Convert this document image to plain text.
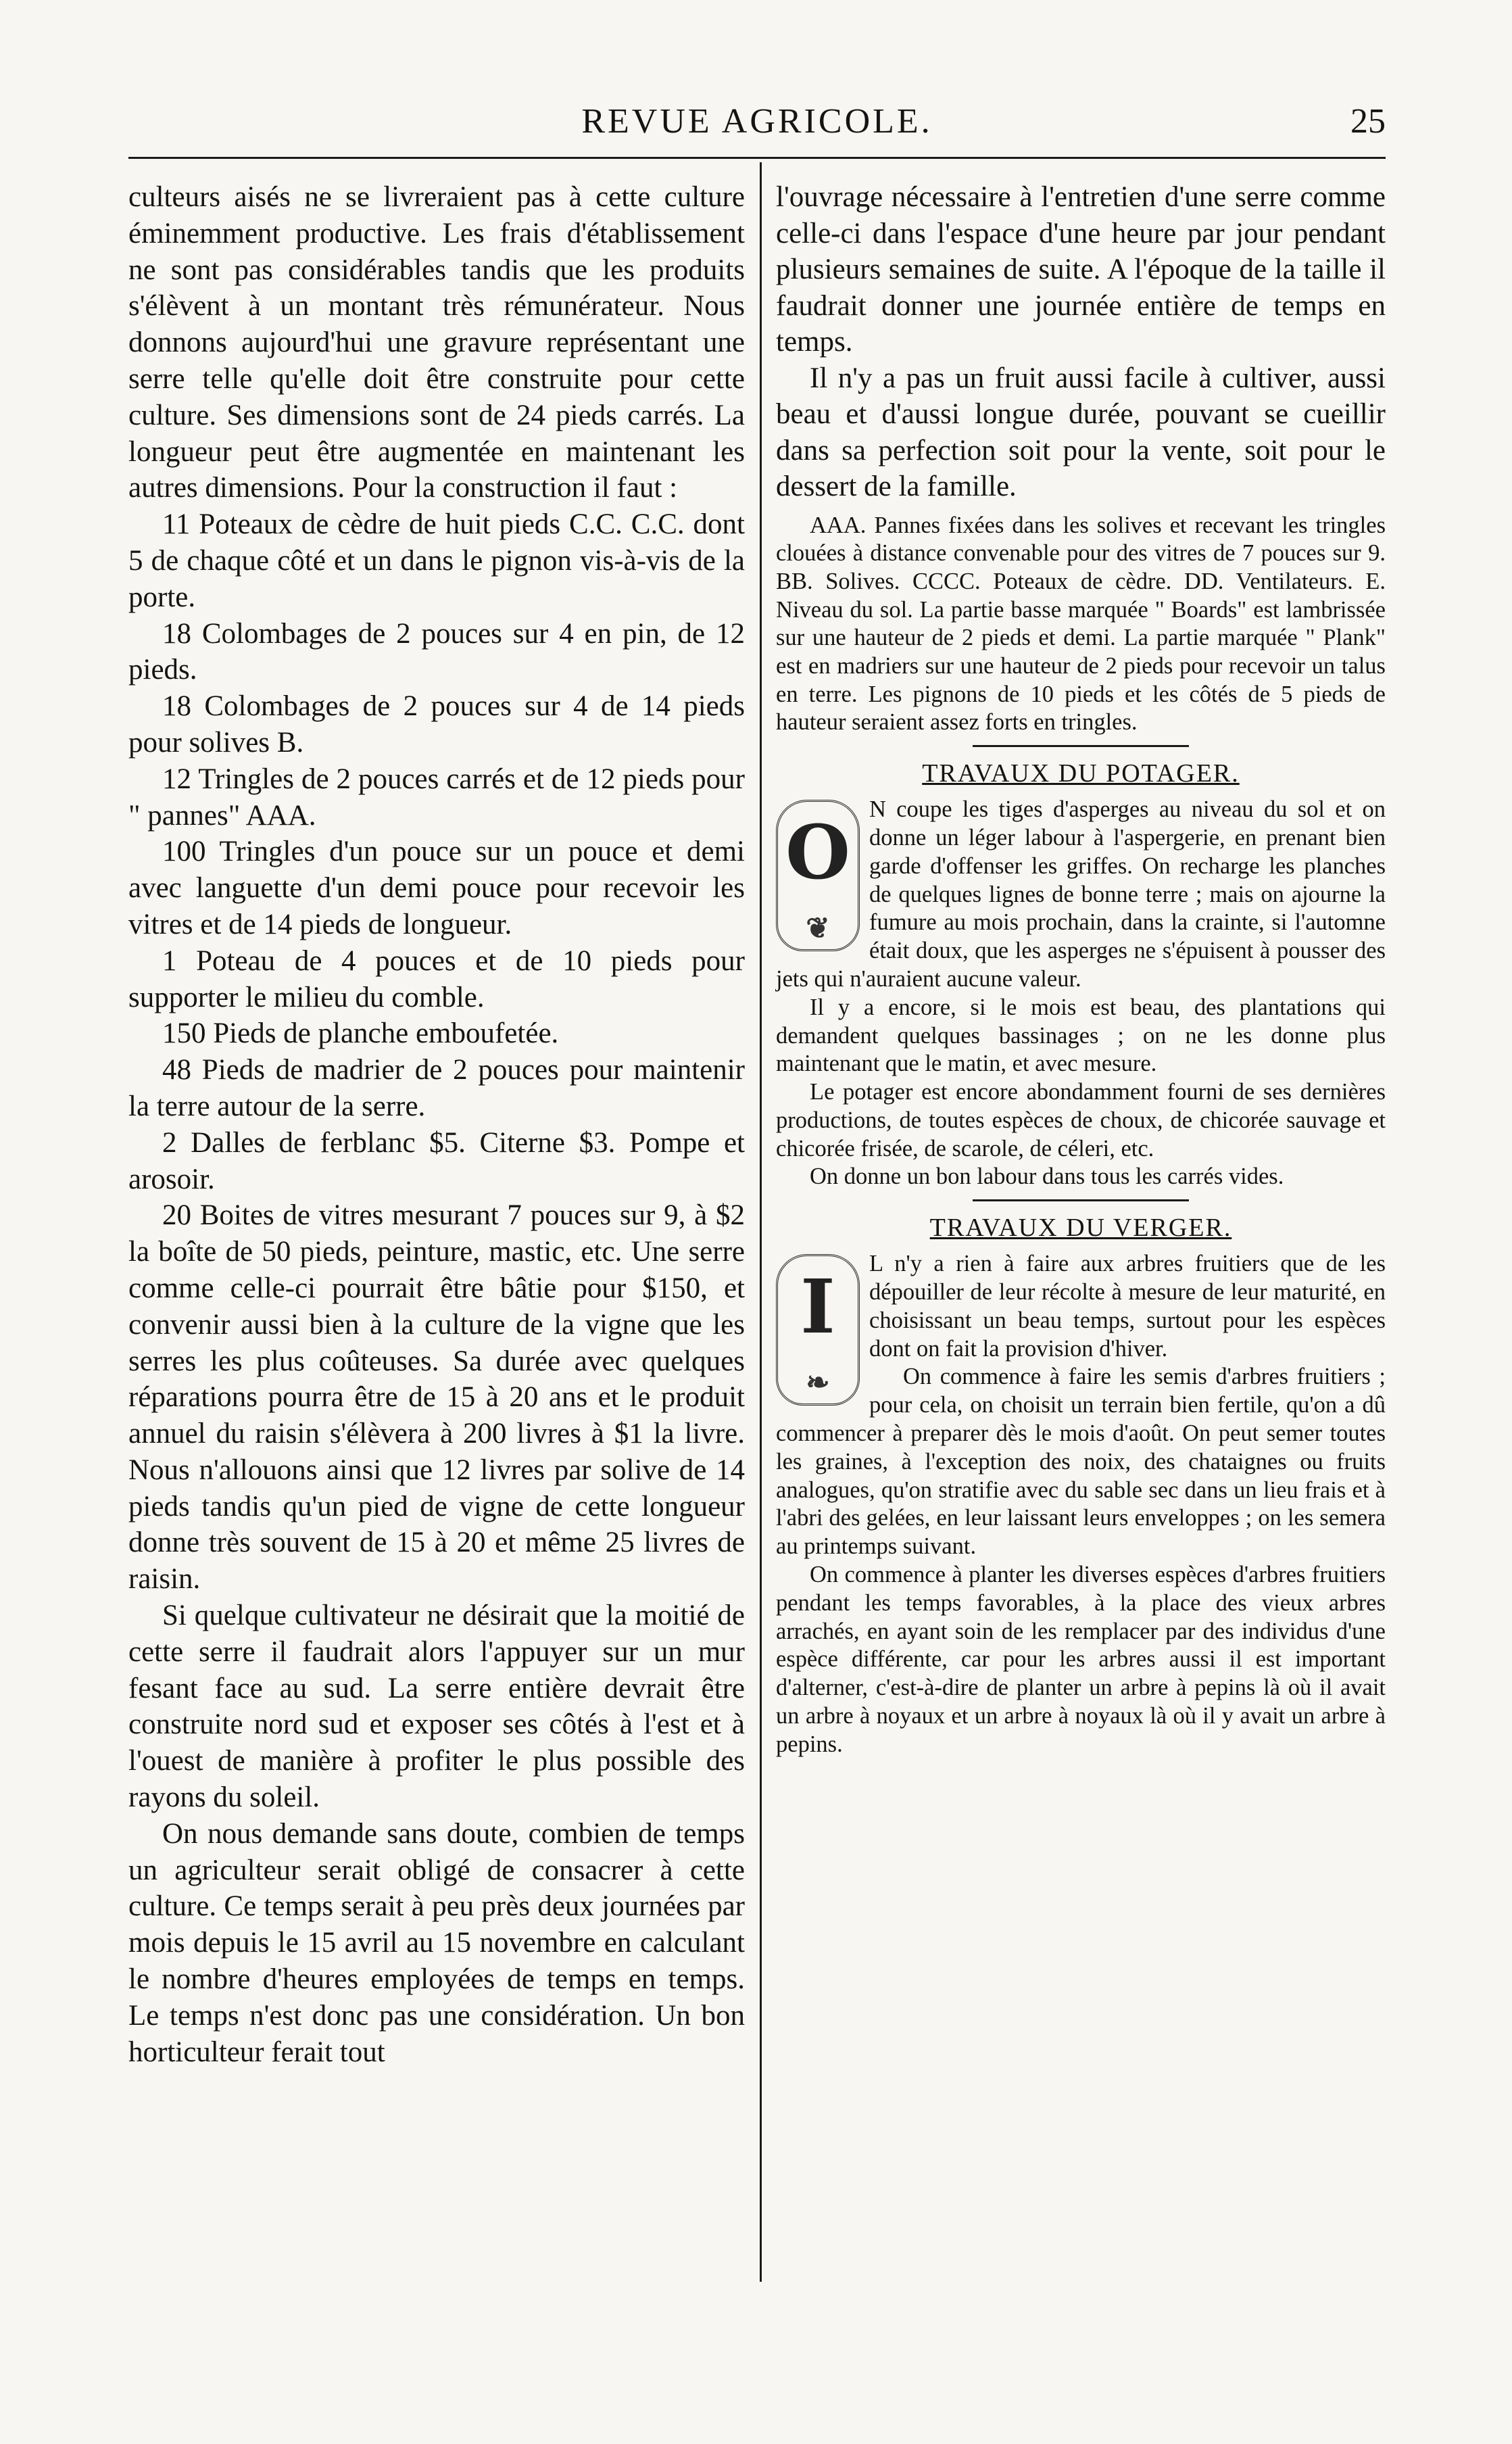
REVUE AGRICOLE.	25

culteurs aisés ne se livreraient pas à cette culture éminemment productive. Les frais d'établissement ne sont pas considérables tandis que les produits s'élèvent à un montant très rémunérateur. Nous donnons aujourd'hui une gravure représentant une serre telle qu'elle doit être construite pour cette culture. Ses dimensions sont de 24 pieds carrés. La longueur peut être augmentée en maintenant les autres dimensions. Pour la construction il faut :

11 Poteaux de cèdre de huit pieds C.C. C.C. dont 5 de chaque côté et un dans le pignon vis-à-vis de la porte.

18 Colombages de 2 pouces sur 4 en pin, de 12 pieds.

18 Colombages de 2 pouces sur 4 de 14 pieds pour solives B.

12 Tringles de 2 pouces carrés et de 12 pieds pour " pannes" AAA.

100 Tringles d'un pouce sur un pouce et demi avec languette d'un demi pouce pour recevoir les vitres et de 14 pieds de longueur.

1 Poteau de 4 pouces et de 10 pieds pour supporter le milieu du comble.

150 Pieds de planche emboufetée.

48 Pieds de madrier de 2 pouces pour maintenir la terre autour de la serre.

2 Dalles de ferblanc $5. Citerne $3. Pompe et arosoir.

20 Boites de vitres mesurant 7 pouces sur 9, à $2 la boîte de 50 pieds, peinture, mastic, etc. Une serre comme celle-ci pourrait être bâtie pour $150, et convenir aussi bien à la culture de la vigne que les serres les plus coûteuses. Sa durée avec quelques réparations pourra être de 15 à 20 ans et le produit annuel du raisin s'élèvera à 200 livres à $1 la livre. Nous n'allouons ainsi que 12 livres par solive de 14 pieds tandis qu'un pied de vigne de cette longueur donne très souvent de 15 à 20 et même 25 livres de raisin.

Si quelque cultivateur ne désirait que la moitié de cette serre il faudrait alors l'appuyer sur un mur fesant face au sud. La serre entière devrait être construite nord sud et exposer ses côtés à l'est et à l'ouest de manière à profiter le plus possible des rayons du soleil.

On nous demande sans doute, combien de temps un agriculteur serait obligé de consacrer à cette culture. Ce temps serait à peu près deux journées par mois depuis le 15 avril au 15 novembre en calculant le nombre d'heures employées de temps en temps. Le temps n'est donc pas une considération. Un bon horticulteur ferait tout

l'ouvrage nécessaire à l'entretien d'une serre comme celle-ci dans l'espace d'une heure par jour pendant plusieurs semaines de suite. A l'époque de la taille il faudrait donner une journée entière de temps en temps.

Il n'y a pas un fruit aussi facile à cultiver, aussi beau et d'aussi longue durée, pouvant se cueillir dans sa perfection soit pour la vente, soit pour le dessert de la famille.

AAA. Pannes fixées dans les solives et recevant les tringles clouées à distance convenable pour des vitres de 7 pouces sur 9. BB. Solives. CCCC. Poteaux de cèdre. DD. Ventilateurs. E. Niveau du sol. La partie basse marquée " Boards" est lambrissée sur une hauteur de 2 pieds et demi. La partie marquée " Plank" est en madriers sur une hauteur de 2 pieds pour recevoir un talus en terre. Les pignons de 10 pieds et les côtés de 5 pieds de hauteur seraient assez forts en tringles.

TRAVAUX DU POTAGER.

O
❦

N coupe les tiges d'asperges au niveau du sol et on donne un léger labour à l'aspergerie, en prenant bien garde d'offenser les griffes. On recharge les planches de quelques lignes de bonne terre ; mais on ajourne la fumure au mois prochain, dans la crainte, si l'automne était doux, que les asperges ne s'épuisent à pousser des jets qui n'auraient aucune valeur.

Il y a encore, si le mois est beau, des plantations qui demandent quelques bassinages ; on ne les donne plus maintenant que le matin, et avec mesure.

Le potager est encore abondamment fourni de ses dernières productions, de toutes espèces de choux, de chicorée sauvage et chicorée frisée, de scarole, de céleri, etc.

On donne un bon labour dans tous les carrés vides.

TRAVAUX DU VERGER.

I
❧

L n'y a rien à faire aux arbres fruitiers que de les dépouiller de leur récolte à mesure de leur maturité, en choisissant un beau temps, surtout pour les espèces dont on fait la provision d'hiver.

On commence à faire les semis d'arbres fruitiers ; pour cela, on choisit un terrain bien fertile, qu'on a dû commencer à preparer dès le mois d'août. On peut semer toutes les graines, à l'exception des noix, des chataignes ou fruits analogues, qu'on stratifie avec du sable sec dans un lieu frais et à l'abri des gelées, en leur laissant leurs enveloppes ; on les semera au printemps suivant.

On commence à planter les diverses espèces d'arbres fruitiers pendant les temps favorables, à la place des vieux arbres arrachés, en ayant soin de les remplacer par des individus d'une espèce différente, car pour les arbres aussi il est important d'alterner, c'est-à-dire de planter un arbre à pepins là où il avait un arbre à noyaux et un arbre à noyaux là où il y avait un arbre à pepins.
